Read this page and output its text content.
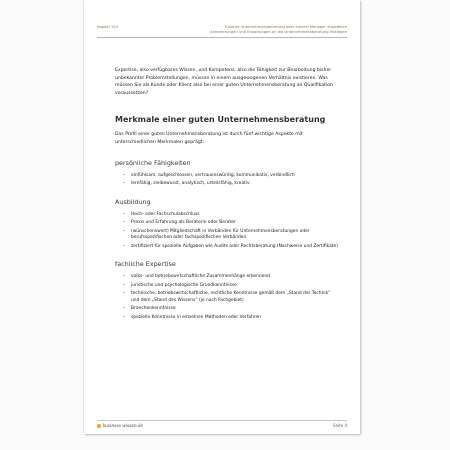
Kapitel 154	Externe Unternehmensberatung oder Interim Manager auswählen
Anforderungen und Erwartungen an die Unternehmensberatung festlegen

Expertise, also verfügbares Wissen, und Kompetenz, also die Fähigkeit zur Bearbeitung bisher unbekannter Problemstellungen, müssen in einem ausgewogenen Verhältnis existieren. Was müssen Sie als Kunde oder Klient also bei einer guten Unternehmensberatung an Qualifikation voraussetzen?

Merkmale einer guten Unternehmensberatung

Das Profil einer guten Unternehmensberatung ist durch fünf wichtige Aspekte mit unterschiedlichen Merkmalen geprägt:

persönliche Fähigkeiten
–	einfühlsam, aufgeschlossen, vertrauenswürdig, kommunikativ, verbindlich
–	lernfähig, zielbewusst, analytisch, urteilsfähig, kreativ
Ausbildung
–	Hoch- oder Fachschulabschluss
–	Praxis und Erfahrung als Beraterin oder Berater
–	(wünschenswert) Mitgliedschaft in Verbänden für Unternehmensberatungen oder berufsspezifischen oder fachspezifischen Verbänden
–	zertifiziert für spezielle Aufgaben wie Audits oder Rechtsberatung (Nachweise und Zertifikate)
fachliche Expertise
–	volks- und betriebswirtschaftliche Zusammenhänge erkennend
–	juristische und psychologische Grundkenntnisse
–	technische, betriebswirtschaftliche, rechtliche Kenntnisse gemäß dem „Stand der Technik“ und dem „Stand des Wissens“ (je nach Fachgebiet)
–	Branchenkenntnisse
–	spezielle Kenntnisse in einzelnen Methoden oder Verfahren
business-wissen.de	Seite 4
